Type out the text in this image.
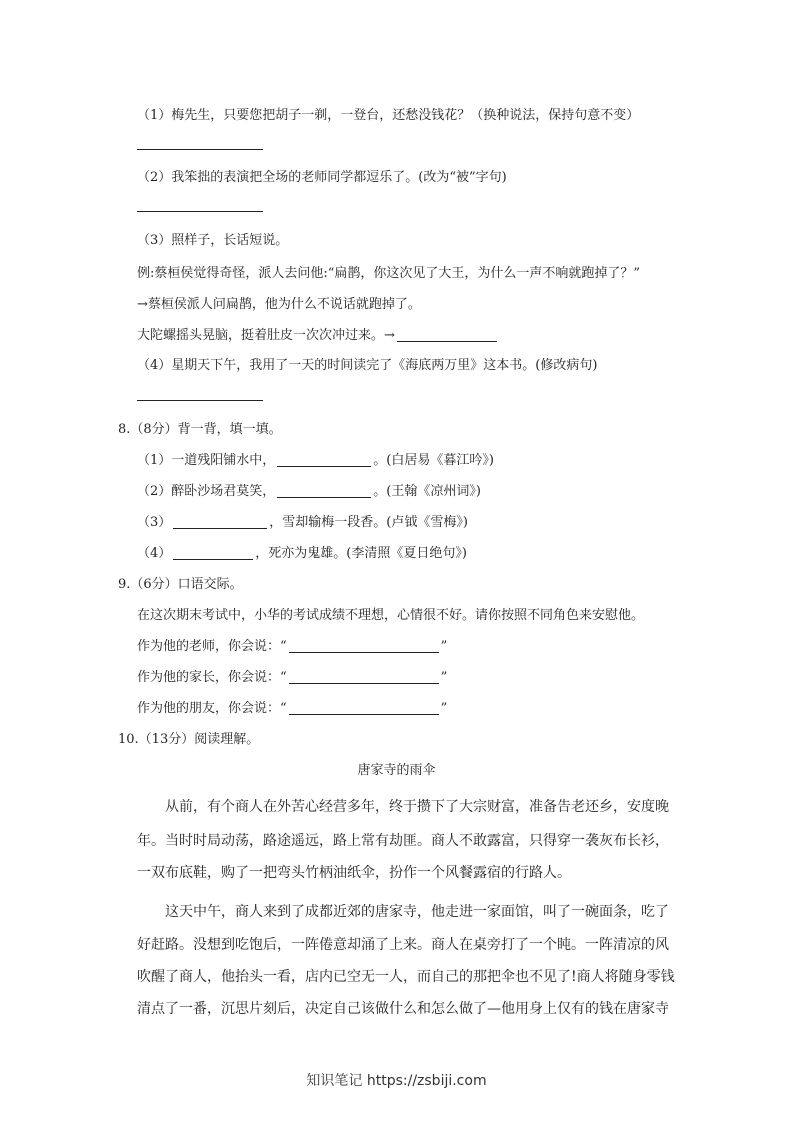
（1）梅先生，只要您把胡子一剃，一登台，还愁没钱花？（换种说法，保持句意不变）
（2）我笨拙的表演把全场的老师同学都逗乐了。(改为“被”字句)
（3）照样子，长话短说。
例:蔡桓侯觉得奇怪，派人去问他:“扁鹊，你这次见了大王，为什么一声不响就跑掉了？”
→蔡桓侯派人问扁鹊，他为什么不说话就跑掉了。
大陀螺摇头晃脑，挺着肚皮一次次冲过来。→
（4）星期天下午，我用了一天的时间读完了《海底两万里》这本书。(修改病句)
8.（8分）背一背，填一填。
（1）一道残阳铺水中，	。(白居易《暮江吟》)
（2）醉卧沙场君莫笑，	。(王翰《凉州词》)
（3）	，雪却输梅一段香。(卢钺《雪梅》)
（4）	，死亦为鬼雄。(李清照《夏日绝句》)
9.（6分）口语交际。
在这次期末考试中，小华的考试成绩不理想，心情很不好。请你按照不同角色来安慰他。
作为他的老师，你会说：“	”
作为他的家长，你会说：“	”
作为他的朋友，你会说：“	”
10.（13分）阅读理解。
唐家寺的雨伞
从前，有个商人在外苦心经营多年，终于攒下了大宗财富，准备告老还乡，安度晚
年。当时时局动荡，路途遥远，路上常有劫匪。商人不敢露富，只得穿一袭灰布长衫，
一双布底鞋，购了一把弯头竹柄油纸伞，扮作一个风餐露宿的行路人。
这天中午，商人来到了成都近郊的唐家寺，他走进一家面馆，叫了一碗面条，吃了
好赶路。没想到吃饱后，一阵倦意却涌了上来。商人在桌旁打了一个盹。一阵清凉的风
吹醒了商人，他抬头一看，店内已空无一人，而自己的那把伞也不见了!商人将随身零钱
清点了一番，沉思片刻后，决定自己该做什么和怎么做了—他用身上仅有的钱在唐家寺
知识笔记 https://zsbiji.com
